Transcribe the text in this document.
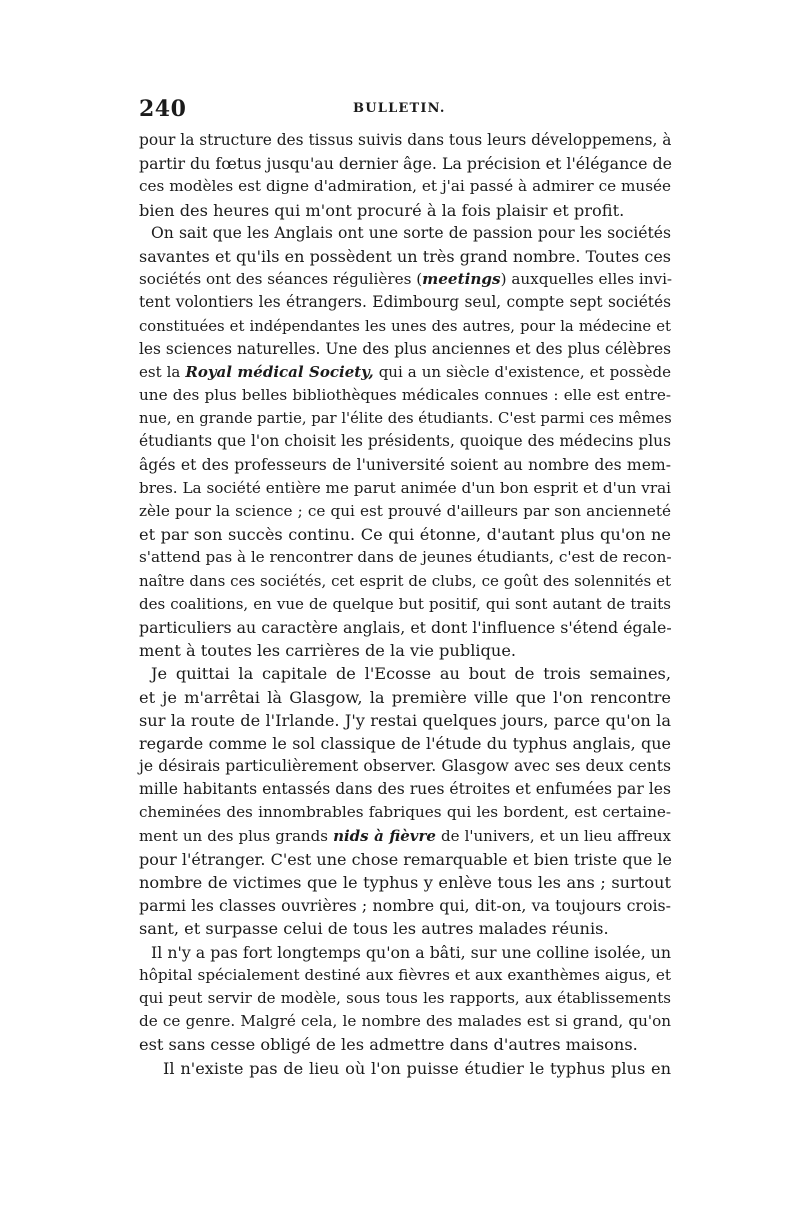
240	BULLETIN.
pour la structure des tissus suivis dans tous leurs développemens, à
partir du fœtus jusqu'au dernier âge. La précision et l'élégance de
ces modèles est digne d'admiration, et j'ai passé à admirer ce musée
bien des heures qui m'ont procuré à la fois plaisir et profit.
On sait que les Anglais ont une sorte de passion pour les sociétés
savantes et qu'ils en possèdent un très grand nombre. Toutes ces
sociétés ont des séances régulières (meetings) auxquelles elles invi-
tent volontiers les étrangers. Edimbourg seul, compte sept sociétés
constituées et indépendantes les unes des autres, pour la médecine et
les sciences naturelles. Une des plus anciennes et des plus célèbres
est la Royal médical Society, qui a un siècle d'existence, et possède
une des plus belles bibliothèques médicales connues : elle est entre-
nue, en grande partie, par l'élite des étudiants. C'est parmi ces mêmes
étudiants que l'on choisit les présidents, quoique des médecins plus
âgés et des professeurs de l'université soient au nombre des mem-
bres. La société entière me parut animée d'un bon esprit et d'un vrai
zèle pour la science ; ce qui est prouvé d'ailleurs par son ancienneté
et par son succès continu. Ce qui étonne, d'autant plus qu'on ne
s'attend pas à le rencontrer dans de jeunes étudiants, c'est de recon-
naître dans ces sociétés, cet esprit de clubs, ce goût des solennités et
des coalitions, en vue de quelque but positif, qui sont autant de traits
particuliers au caractère anglais, et dont l'influence s'étend égale-
ment à toutes les carrières de la vie publique.
Je quittai la capitale de l'Ecosse au bout de trois semaines,
et je m'arrêtai là Glasgow, la première ville que l'on rencontre
sur la route de l'Irlande. J'y restai quelques jours, parce qu'on la
regarde comme le sol classique de l'étude du typhus anglais, que
je désirais particulièrement observer. Glasgow avec ses deux cents
mille habitants entassés dans des rues étroites et enfumées par les
cheminées des innombrables fabriques qui les bordent, est certaine-
ment un des plus grands nids à fièvre de l'univers, et un lieu affreux
pour l'étranger. C'est une chose remarquable et bien triste que le
nombre de victimes que le typhus y enlève tous les ans ; surtout
parmi les classes ouvrières ; nombre qui, dit-on, va toujours crois-
sant, et surpasse celui de tous les autres malades réunis.
Il n'y a pas fort longtemps qu'on a bâti, sur une colline isolée, un
hôpital spécialement destiné aux fièvres et aux exanthèmes aigus, et
qui peut servir de modèle, sous tous les rapports, aux établissements
de ce genre. Malgré cela, le nombre des malades est si grand, qu'on
est sans cesse obligé de les admettre dans d'autres maisons.
Il n'existe pas de lieu où l'on puisse étudier le typhus plus en
